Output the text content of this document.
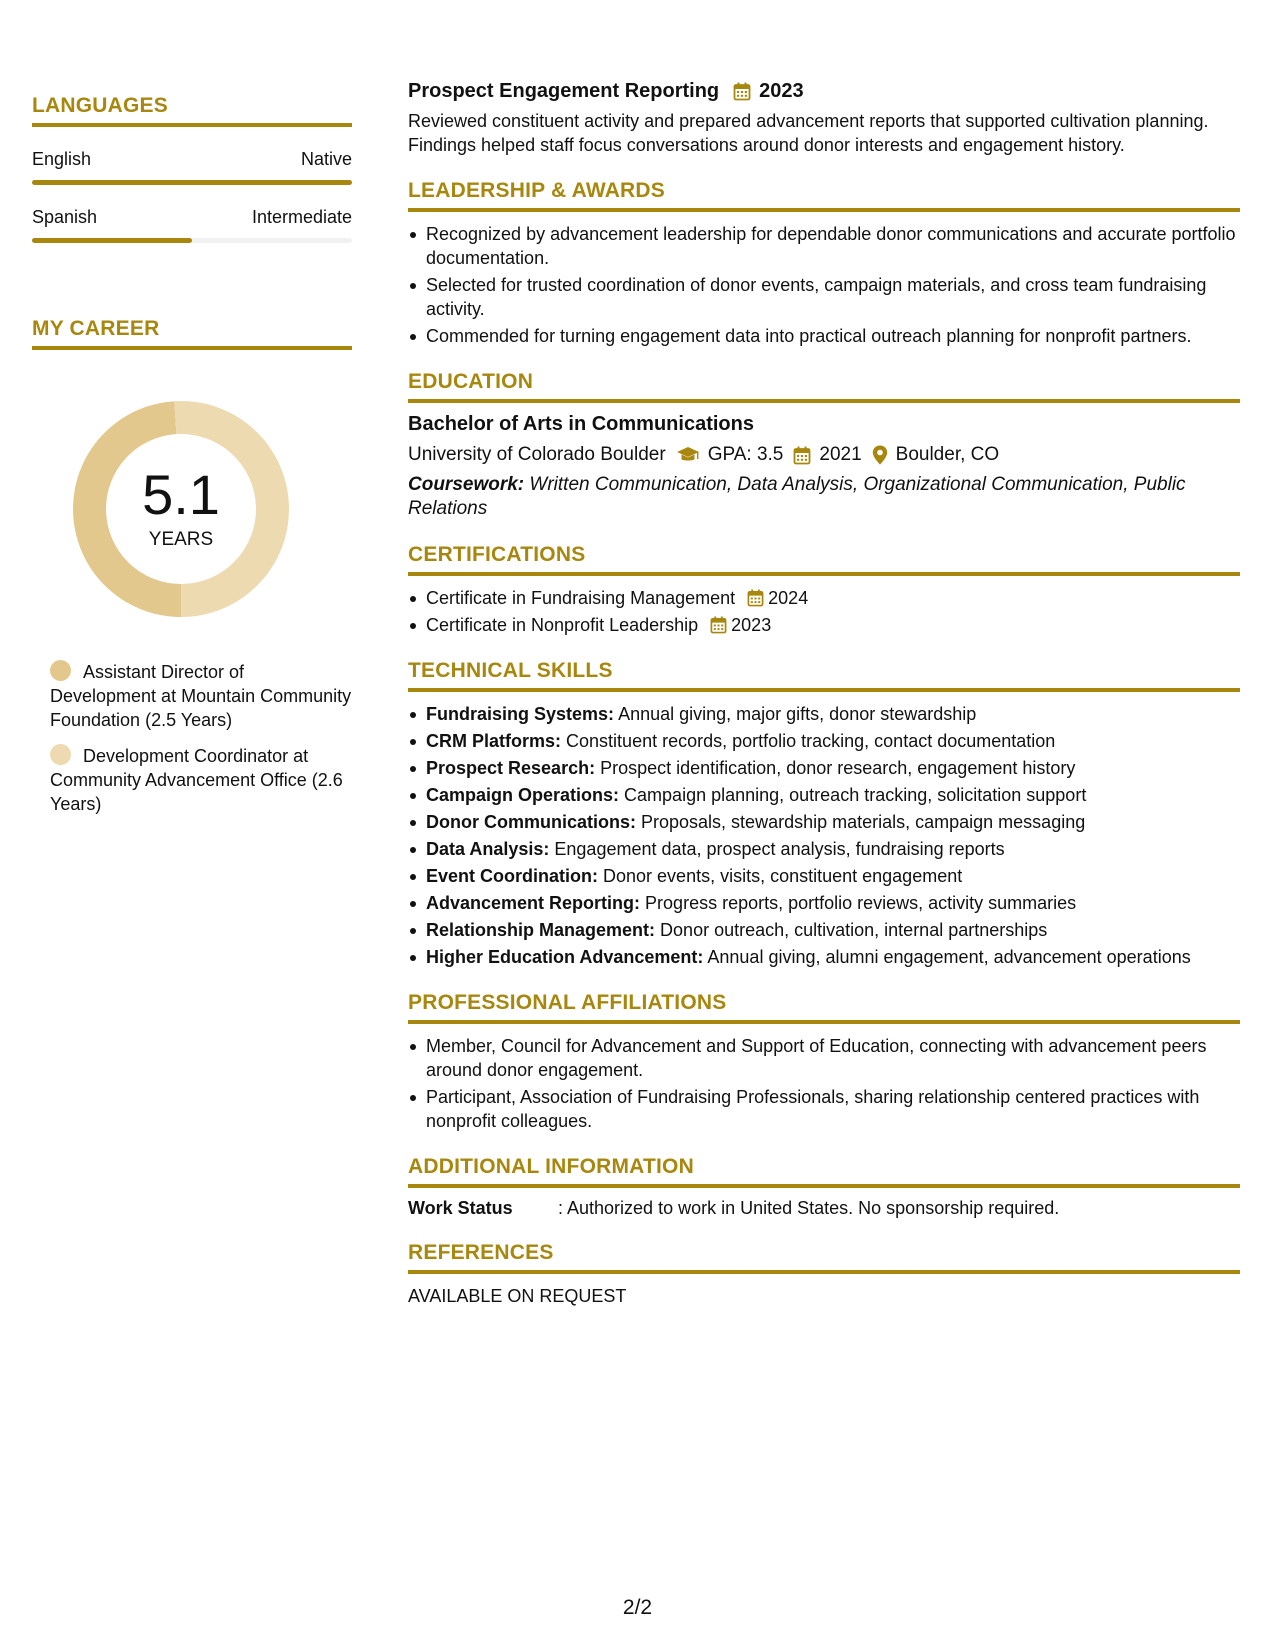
LANGUAGES
English	Native
Spanish	Intermediate
MY CAREER
5.1
YEARS
Assistant Director of Development at Mountain Community Foundation (2.5 Years)
Development Coordinator at Community Advancement Office (2.6 Years)
Prospect Engagement Reporting 2023
Reviewed constituent activity and prepared advancement reports that supported cultivation planning. Findings helped staff focus conversations around donor interests and engagement history.
LEADERSHIP & AWARDS
Recognized by advancement leadership for dependable donor communications and accurate portfolio documentation.
Selected for trusted coordination of donor events, campaign materials, and cross team fundraising activity.
Commended for turning engagement data into practical outreach planning for nonprofit partners.
EDUCATION
Bachelor of Arts in Communications
University of Colorado Boulder GPA: 3.5 2021 Boulder, CO
Coursework: Written Communication, Data Analysis, Organizational Communication, Public Relations
CERTIFICATIONS
Certificate in Fundraising Management 2024
Certificate in Nonprofit Leadership 2023
TECHNICAL SKILLS
Fundraising Systems: Annual giving, major gifts, donor stewardship
CRM Platforms: Constituent records, portfolio tracking, contact documentation
Prospect Research: Prospect identification, donor research, engagement history
Campaign Operations: Campaign planning, outreach tracking, solicitation support
Donor Communications: Proposals, stewardship materials, campaign messaging
Data Analysis: Engagement data, prospect analysis, fundraising reports
Event Coordination: Donor events, visits, constituent engagement
Advancement Reporting: Progress reports, portfolio reviews, activity summaries
Relationship Management: Donor outreach, cultivation, internal partnerships
Higher Education Advancement: Annual giving, alumni engagement, advancement operations
PROFESSIONAL AFFILIATIONS
Member, Council for Advancement and Support of Education, connecting with advancement peers around donor engagement.
Participant, Association of Fundraising Professionals, sharing relationship centered practices with nonprofit colleagues.
ADDITIONAL INFORMATION
Work Status	: Authorized to work in United States. No sponsorship required.
REFERENCES
AVAILABLE ON REQUEST
2/2
